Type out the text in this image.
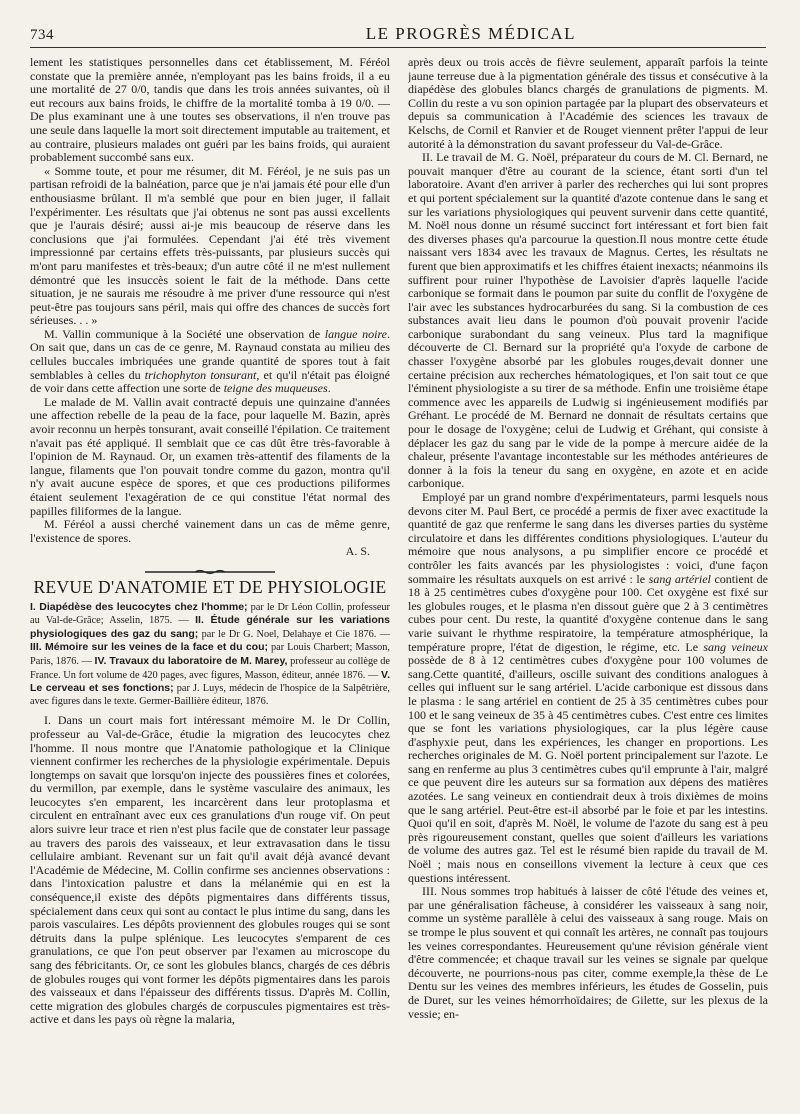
734	LE PROGRÈS MÉDICAL

lement les statistiques personnelles dans cet établissement, M. Féréol constate que la première année, n'employant pas les bains froids, il a eu une mortalité de 27 0/0, tandis que dans les trois années suivantes, où il eut recours aux bains froids, le chiffre de la mortalité tomba à 19 0/0. — De plus examinant une à une toutes ses observations, il n'en trouve pas une seule dans laquelle la mort soit directement imputable au traitement, et au contraire, plusieurs malades ont guéri par les bains froids, qui auraient probablement succombé sans eux.

« Somme toute, et pour me résumer, dit M. Féréol, je ne suis pas un partisan refroidi de la balnéation, parce que je n'ai jamais été pour elle d'un enthousiasme brûlant. Il m'a semblé que pour en bien juger, il fallait l'expérimenter. Les résultats que j'ai obtenus ne sont pas aussi excellents que je l'aurais désiré; aussi ai-je mis beaucoup de réserve dans les conclusions que j'ai formulées. Cependant j'ai été très vivement impressionné par certains effets très-puissants, par plusieurs succès qui m'ont paru manifestes et très-beaux; d'un autre côté il ne m'est nullement démontré que les insuccès soient le fait de la méthode. Dans cette situation, je ne saurais me résoudre à me priver d'une ressource qui n'est peut-être pas toujours sans péril, mais qui offre des chances de succès fort sérieuses. . . »

M. Vallin communique à la Société une observation de langue noire. On sait que, dans un cas de ce genre, M. Raynaud constata au milieu des cellules buccales imbriquées une grande quantité de spores tout à fait semblables à celles du trichophyton tonsurant, et qu'il n'était pas éloigné de voir dans cette affection une sorte de teigne des muqueuses.

Le malade de M. Vallin avait contracté depuis une quinzaine d'années une affection rebelle de la peau de la face, pour laquelle M. Bazin, après avoir reconnu un herpès tonsurant, avait conseillé l'épilation. Ce traitement n'avait pas été appliqué. Il semblait que ce cas dût être très-favorable à l'opinion de M. Raynaud. Or, un examen très-attentif des filaments de la langue, filaments que l'on pouvait tondre comme du gazon, montra qu'il n'y avait aucune espèce de spores, et que ces productions piliformes étaient seulement l'exagération de ce qui constitue l'état normal des papilles filiformes de la langue.

M. Féréol a aussi cherché vainement dans un cas de même genre, l'existence de spores.

A. S.
REVUE D'ANATOMIE ET DE PHYSIOLOGIE

I. Diapédèse des leucocytes chez l'homme; par le Dr Léon Collin, professeur au Val-de-Grâce; Asselin, 1875. — II. Étude générale sur les variations physiologiques des gaz du sang; par le Dr G. Noel, Delahaye et Cie 1876. — III. Mémoire sur les veines de la face et du cou; par Louis Charbert; Masson, Paris, 1876. — IV. Travaux du laboratoire de M. Marey, professeur au collège de France. Un fort volume de 420 pages, avec figures, Masson, éditeur, année 1876. — V. Le cerveau et ses fonctions; par J. Luys, médecin de l'hospice de la Salpêtrière, avec figures dans le texte. Germer-Baillière éditeur, 1876.

I. Dans un court mais fort intéressant mémoire M. le Dr Collin, professeur au Val-de-Grâce, étudie la migration des leucocytes chez l'homme. Il nous montre que l'Anatomie pathologique et la Clinique viennent confirmer les recherches de la physiologie expérimentale. Depuis longtemps on savait que lorsqu'on injecte des poussières fines et colorées, du vermillon, par exemple, dans le système vasculaire des animaux, les leucocytes s'en emparent, les incarcèrent dans leur protoplasma et circulent en entraînant avec eux ces granulations d'un rouge vif. On peut alors suivre leur trace et rien n'est plus facile que de constater leur passage au travers des parois des vaisseaux, et leur extravasation dans le tissu cellulaire ambiant. Revenant sur un fait qu'il avait déjà avancé devant l'Académie de Médecine, M. Collin confirme ses anciennes observations : dans l'intoxication palustre et dans la mélanémie qui en est la conséquence,il existe des dépôts pigmentaires dans différents tissus, spécialement dans ceux qui sont au contact le plus intime du sang, dans les parois vasculaires. Les dépôts proviennent des globules rouges qui se sont détruits dans la pulpe splénique. Les leucocytes s'emparent de ces granulations, ce que l'on peut observer par l'examen au microscope du sang des fébricitants. Or, ce sont les globules blancs, chargés de ces débris de globules rouges qui vont former les dépôts pigmentaires dans les parois des vaisseaux et dans l'épaisseur des différents tissus. D'après M. Collin, cette migration des globules chargés de corpuscules pigmentaires est très-active et dans les pays où règne la malaria,

après deux ou trois accès de fièvre seulement, apparaît parfois la teinte jaune terreuse due à la pigmentation générale des tissus et consécutive à la diapédèse des globules blancs chargés de granulations de pigments. M. Collin du reste a vu son opinion partagée par la plupart des observateurs et depuis sa communication à l'Académie des sciences les travaux de Kelschs, de Cornil et Ranvier et de Rouget viennent prêter l'appui de leur autorité à la démonstration du savant professeur du Val-de-Grâce.

II. Le travail de M. G. Noël, préparateur du cours de M. Cl. Bernard, ne pouvait manquer d'être au courant de la science, étant sorti d'un tel laboratoire. Avant d'en arriver à parler des recherches qui lui sont propres et qui portent spécialement sur la quantité d'azote contenue dans le sang et sur les variations physiologiques qui peuvent survenir dans cette quantité, M. Noël nous donne un résumé succinct fort intéressant et fort bien fait des diverses phases qu'a parcourue la question.Il nous montre cette étude naissant vers 1834 avec les travaux de Magnus. Certes, les résultats ne furent que bien approximatifs et les chiffres étaient inexacts; néanmoins ils suffirent pour ruiner l'hypothèse de Lavoisier d'après laquelle l'acide carbonique se formait dans le poumon par suite du conflit de l'oxygène de l'air avec les substances hydrocarburées du sang. Si la combustion de ces substances avait lieu dans le poumon d'où pouvait provenir l'acide carbonique surabondant du sang veineux. Plus tard la magnifique découverte de Cl. Bernard sur la propriété qu'a l'oxyde de carbone de chasser l'oxygène absorbé par les globules rouges,devait donner une certaine précision aux recherches hématologiques, et l'on sait tout ce que l'éminent physiologiste a su tirer de sa méthode. Enfin une troisième étape commence avec les appareils de Ludwig si ingénieusement modifiés par Gréhant. Le procédé de M. Bernard ne donnait de résultats certains que pour le dosage de l'oxygène; celui de Ludwig et Gréhant, qui consiste à déplacer les gaz du sang par le vide de la pompe à mercure aidée de la chaleur, présente l'avantage incontestable sur les méthodes antérieures de donner à la fois la teneur du sang en oxygène, en azote et en acide carbonique.

Employé par un grand nombre d'expérimentateurs, parmi lesquels nous devons citer M. Paul Bert, ce procédé a permis de fixer avec exactitude la quantité de gaz que renferme le sang dans les diverses parties du système circulatoire et dans les différentes conditions physiologiques. L'auteur du mémoire que nous analysons, a pu simplifier encore ce procédé et contrôler les faits avancés par les physiologistes : voici, d'une façon sommaire les résultats auxquels on est arrivé : le sang artériel contient de 18 à 25 centimètres cubes d'oxygène pour 100. Cet oxygène est fixé sur les globules rouges, et le plasma n'en dissout guère que 2 à 3 centimètres cubes pour cent. Du reste, la quantité d'oxygène contenue dans le sang varie suivant le rhythme respiratoire, la température atmosphérique, la température propre, l'état de digestion, le régime, etc. Le sang veineux possède de 8 à 12 centimètres cubes d'oxygène pour 100 volumes de sang.Cette quantité, d'ailleurs, oscille suivant des conditions analogues à celles qui influent sur le sang artériel. L'acide carbonique est dissous dans le plasma : le sang artériel en contient de 25 à 35 centimètres cubes pour 100 et le sang veineux de 35 à 45 centimètres cubes. C'est entre ces limites que se font les variations physiologiques, car la plus légère cause d'asphyxie peut, dans les expériences, les changer en proportions. Les recherches originales de M. G. Noël portent principalement sur l'azote. Le sang en renferme au plus 3 centimètres cubes qu'il emprunte à l'air, malgré ce que peuvent dire les auteurs sur sa formation aux dépens des matières azotées. Le sang veineux en contiendrait deux à trois dixièmes de moins que le sang artériel. Peut-être est-il absorbé par le foie et par les intestins. Quoi qu'il en soit, d'après M. Noël, le volume de l'azote du sang est à peu près rigoureusement constant, quelles que soient d'ailleurs les variations de volume des autres gaz. Tel est le résumé bien rapide du travail de M. Noël ; mais nous en conseillons vivement la lecture à ceux que ces questions intéressent.

III. Nous sommes trop habitués à laisser de côté l'étude des veines et, par une généralisation fâcheuse, à considérer les vaisseaux à sang noir, comme un système parallèle à celui des vaisseaux à sang rouge. Mais on se trompe le plus souvent et qui connaît les artères, ne connaît pas toujours les veines correspondantes. Heureusement qu'une révision générale vient d'être commencée; et chaque travail sur les veines se signale par quelque découverte, ne pourrions-nous pas citer, comme exemple,la thèse de Le Dentu sur les veines des membres inférieurs, les études de Gosselin, puis de Duret, sur les veines hémorrhoïdaires; de Gilette, sur les plexus de la vessie; en-
